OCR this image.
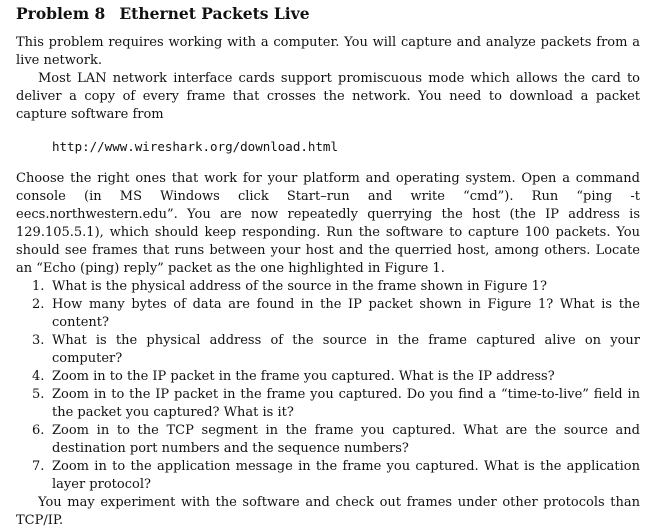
Problem 8 Ethernet Packets Live

This problem requires working with a computer. You will capture and analyze packets from a live network.

Most LAN network interface cards support promiscuous mode which allows the card to deliver a copy of every frame that crosses the network. You need to download a packet capture software from

http://www.wireshark.org/download.html

Choose the right ones that work for your platform and operating system. Open a command console (in MS Windows click Start–run and write “cmd”). Run “ping -t eecs.northwestern.edu”. You are now repeatedly querrying the host (the IP address is 129.105.5.1), which should keep responding. Run the software to capture 100 packets. You should see frames that runs between your host and the querried host, among others. Locate an “Echo (ping) reply” packet as the one highlighted in Figure 1.

1. What is the physical address of the source in the frame shown in Figure 1?
2. How many bytes of data are found in the IP packet shown in Figure 1? What is the content?
3. What is the physical address of the source in the frame captured alive on your computer?
4. Zoom in to the IP packet in the frame you captured. What is the IP address?
5. Zoom in to the IP packet in the frame you captured. Do you find a “time-to-live” field in the packet you captured? What is it?
6. Zoom in to the TCP segment in the frame you captured. What are the source and destination port numbers and the sequence numbers?
7. Zoom in to the application message in the frame you captured. What is the application layer protocol?

You may experiment with the software and check out frames under other protocols than TCP/IP.
